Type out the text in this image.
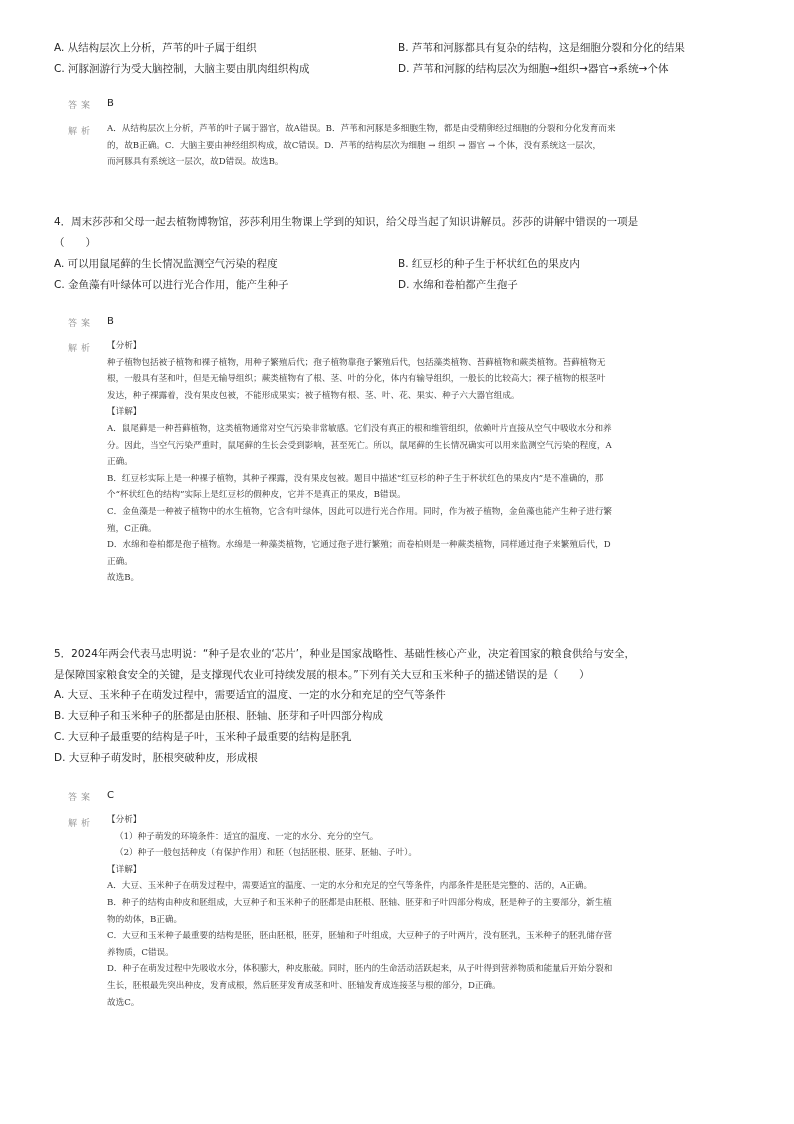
A. 从结构层次上分析，芦苇的叶子属于组织	B. 芦苇和河豚都具有复杂的结构，这是细胞分裂和分化的结果
C. 河豚洄游行为受大脑控制，大脑主要由肌肉组织构成	D. 芦苇和河豚的结构层次为细胞→组织→器官→系统→个体
答案 B
解析 A．从结构层次上分析，芦苇的叶子属于器官，故A错误。B．芦苇和河豚是多细胞生物，都是由受精卵经过细胞的分裂和分化发育而来

的，故B正确。C．大脑主要由神经组织构成，故C错误。D．芦苇的结构层次为细胞 → 组织 → 器官 → 个体，没有系统这一层次，

而河豚具有系统这一层次，故D错误。故选B。

4．周末莎莎和父母一起去植物博物馆，莎莎利用生物课上学到的知识，给父母当起了知识讲解员。莎莎的讲解中错误的一项是
（　　）
A. 可以用鼠尾藓的生长情况监测空气污染的程度	B. 红豆杉的种子生于杯状红色的果皮内
C. 金鱼藻有叶绿体可以进行光合作用，能产生种子	D. 水绵和卷柏都产生孢子
答案 B
解析 【分析】

种子植物包括被子植物和裸子植物，用种子繁殖后代；孢子植物靠孢子繁殖后代，包括藻类植物、苔藓植物和蕨类植物。苔藓植物无

根，一般具有茎和叶，但是无输导组织；蕨类植物有了根、茎、叶的分化，体内有输导组织，一般长的比较高大；裸子植物的根茎叶

发达，种子裸露着，没有果皮包被，不能形成果实；被子植物有根、茎、叶、花、果实、种子六大器官组成。

【详解】

A．鼠尾藓是一种苔藓植物，这类植物通常对空气污染非常敏感。它们没有真正的根和维管组织，依赖叶片直接从空气中吸收水分和养

分。因此，当空气污染严重时，鼠尾藓的生长会受到影响，甚至死亡。所以，鼠尾藓的生长情况确实可以用来监测空气污染的程度，A

正确。

B．红豆杉实际上是一种裸子植物，其种子裸露，没有果皮包被。题目中描述“红豆杉的种子生于杯状红色的果皮内”是不准确的，那

个“杯状红色的结构”实际上是红豆杉的假种皮，它并不是真正的果皮，B错误。

C．金鱼藻是一种被子植物中的水生植物，它含有叶绿体，因此可以进行光合作用。同时，作为被子植物，金鱼藻也能产生种子进行繁

殖，C正确。

D．水绵和卷柏都是孢子植物。水绵是一种藻类植物，它通过孢子进行繁殖；而卷柏则是一种蕨类植物，同样通过孢子来繁殖后代，D

正确。

故选B。

5．2024年两会代表马忠明说：“种子是农业的‘芯片’，种业是国家战略性、基础性核心产业，决定着国家的粮食供给与安全，
是保障国家粮食安全的关键，是支撑现代农业可持续发展的根本。”下列有关大豆和玉米种子的描述错误的是（　　）
A. 大豆、玉米种子在萌发过程中，需要适宜的温度、一定的水分和充足的空气等条件
B. 大豆种子和玉米种子的胚都是由胚根、胚轴、胚芽和子叶四部分构成
C. 大豆种子最重要的结构是子叶，玉米种子最重要的结构是胚乳
D. 大豆种子萌发时，胚根突破种皮，形成根
答案 C
解析 【分析】

（1）种子萌发的环境条件：适宜的温度、一定的水分、充分的空气。

（2）种子一般包括种皮（有保护作用）和胚（包括胚根、胚芽、胚轴、子叶）。

【详解】

A．大豆、玉米种子在萌发过程中，需要适宜的温度、一定的水分和充足的空气等条件，内部条件是胚是完整的、活的，A正确。

B．种子的结构由种皮和胚组成，大豆种子和玉米种子的胚都是由胚根、胚轴、胚芽和子叶四部分构成，胚是种子的主要部分，新生植

物的幼体，B正确。

C．大豆和玉米种子最重要的结构是胚，胚由胚根，胚芽，胚轴和子叶组成，大豆种子的子叶两片，没有胚乳，玉米种子的胚乳储存营

养物质，C错误。

D．种子在萌发过程中先吸收水分，体积膨大，种皮胀破。同时，胚内的生命活动活跃起来，从子叶得到营养物质和能量后开始分裂和

生长，胚根最先突出种皮，发育成根，然后胚芽发育成茎和叶、胚轴发育成连接茎与根的部分，D正确。

故选C。
